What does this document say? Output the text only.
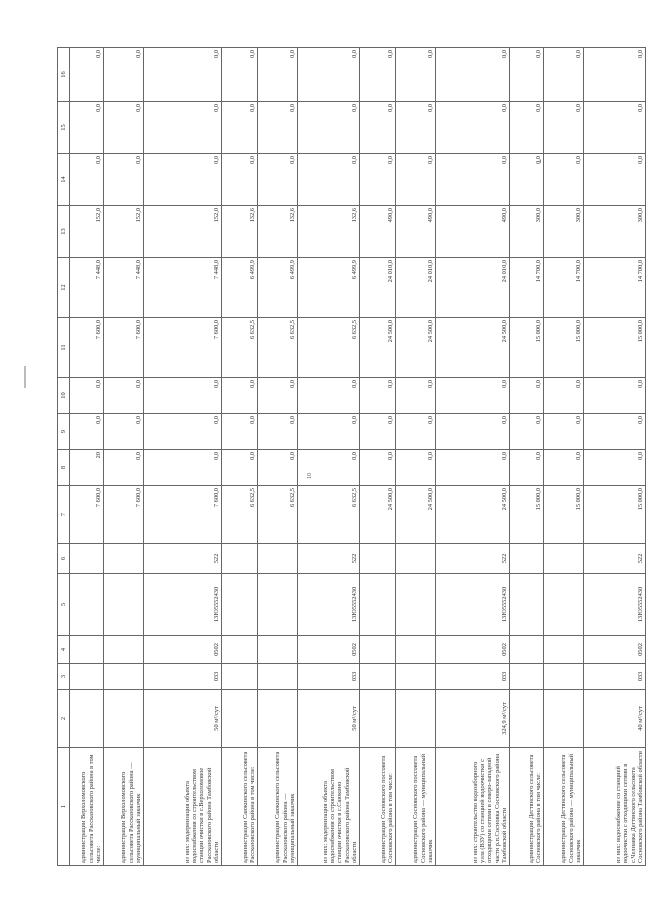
10
1	2	3	4	5	6	7	8	9	10	11	12	13	14	15	16
администрации Верхоломовского сельсовета Рассказовского района в том числе:						7 600,0	20	0,0	0,0	7 600,0	7 448,0	152,0	0,0	0,0	0,0
администрации Верхоломовского сельсовета Рассказовского района — муниципальный заказчик						7 600,0	0,0	0,0	0,0	7 600,0	7 448,0	152,0	0,0	0,0	0,0
из них: модернизация объекта водоснабжения со строительством станции очистки в с.Верхоломовое Рассказовского района Тамбовской области	50 м³/сут	033	0502	13Ю5552430	522	7 600,0	0,0	0,0	0,0	7 600,0	7 448,0	152,0	0,0	0,0	0,0
администрации Саюкинского сельсовета Рассказовского района в том числе:						6 632,5	0,0	0,0	0,0	6 632,5	6 499,9	132,6	0,0	0,0	0,0
администрации Саюкинского сельсовета Рассказовского района — муниципальный заказчик						6 632,5	0,0	0,0	0,0	6 632,5	6 499,9	132,6	0,0	0,0	0,0
из них: модернизация объекта водоснабжения со строительством станции очистки в с.Саюкино Рассказовского района Тамбовской области	50 м³/сут	033	0502	13Ю5552430	522	6 632,5	0,0	0,0	0,0	6 632,5	6 499,9	132,6	0,0	0,0	0,0
администрации Сосновского поссовета Сосновского района в том числе:						24 500,0	0,0	0,0	0,0	24 500,0	24 010,0	490,0	0,0	0,0	0,0
администрации Сосновского поссовета Сосновского района — муниципальный заказчик						24 500,0	0,0	0,0	0,0	24 500,0	24 010,0	490,0	0,0	0,0	0,0
из них: строительство водозаборного узла (ВЗУ) со станцией водоочистки с отходящими сетями в северо-западной части р.п.Сосновка Сосновского района Тамбовской области	324,9 м³/сут	033	0502	13Ю5552430	522	24 500,0	0,0	0,0	0,0	24 500,0	24 010,0	490,0	0,0	0,0	0,0
администрации Дегтянского сельсовета Сосновского района в том числе:						15 000,0	0,0	0,0	0,0	15 000,0	14 700,0	300,0	0,0	0,0	0,0
администрации Дегтянского сельсовета Сосновского района — муниципальный заказчик						15 000,0	0,0	0,0	0,0	15 000,0	14 700,0	300,0	0,0	0,0	0,0
из них: водоснабжение со станцией водоочистки с отходящими сетями в с.Челнавка Дегтянского сельсовета Сосновского района Тамбовской области	40 м³/сут	033	0502	13Ю5552430	522	15 000,0	0,0	0,0	0,0	15 000,0	14 700,0	300,0	0,0	0,0	0,0
